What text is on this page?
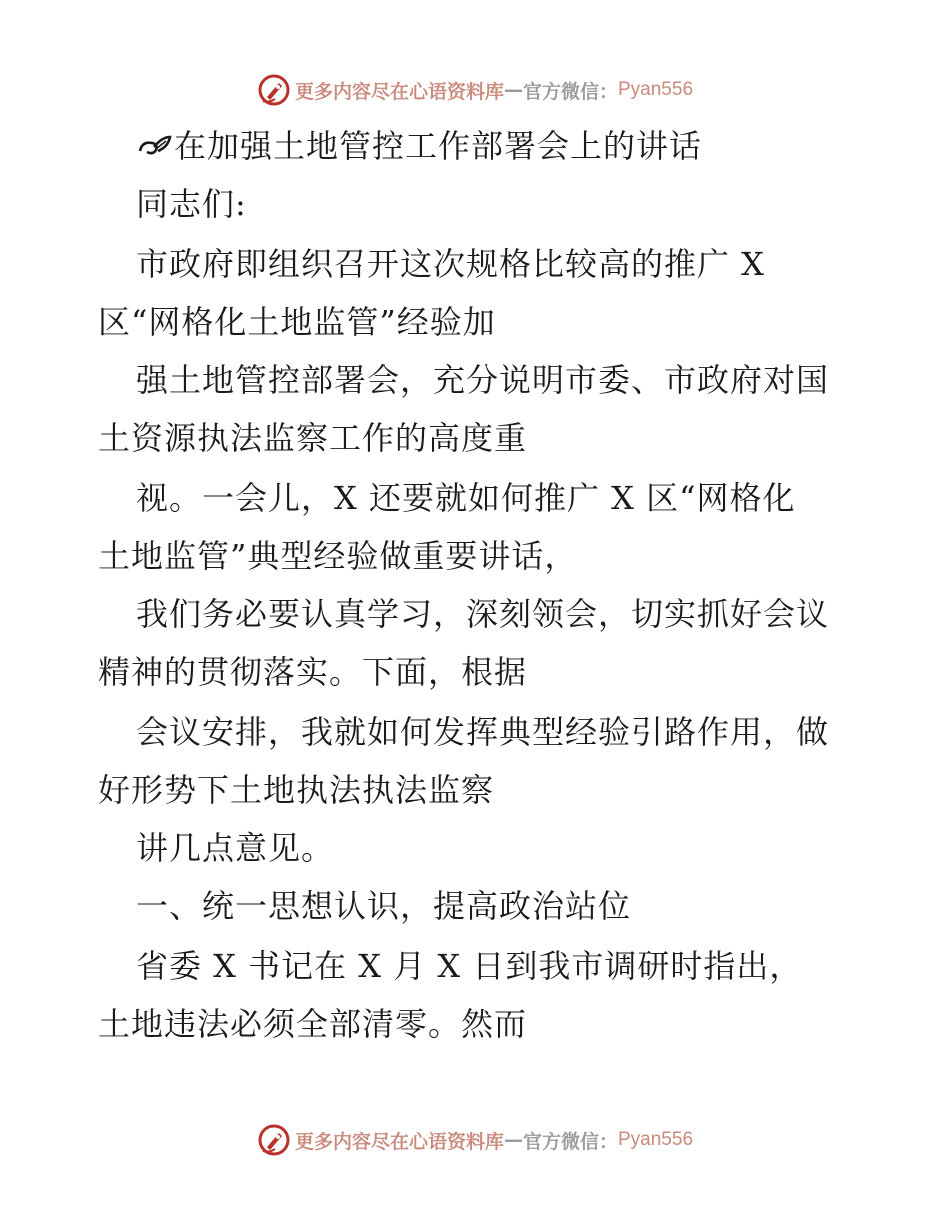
更多内容尽在心语资料库 — 官方微信： Pyan556
在加强土地管控工作部署会上的讲话
同志们:
市政府即组织召开这次规格比较高的推广 X
区“网格化土地监管”经验加
强土地管控部署会，充分说明市委、市政府对国
土资源执法监察工作的高度重
视。一会儿，X 还要就如何推广 X 区“网格化
土地监管”典型经验做重要讲话，
我们务必要认真学习，深刻领会，切实抓好会议
精神的贯彻落实。下面，根据
会议安排，我就如何发挥典型经验引路作用，做
好形势下土地执法执法监察
讲几点意见。
一、统一思想认识，提高政治站位
省委 X 书记在 X 月 X 日到我市调研时指出，
土地违法必须全部清零。然而
更多内容尽在心语资料库 — 官方微信： Pyan556
